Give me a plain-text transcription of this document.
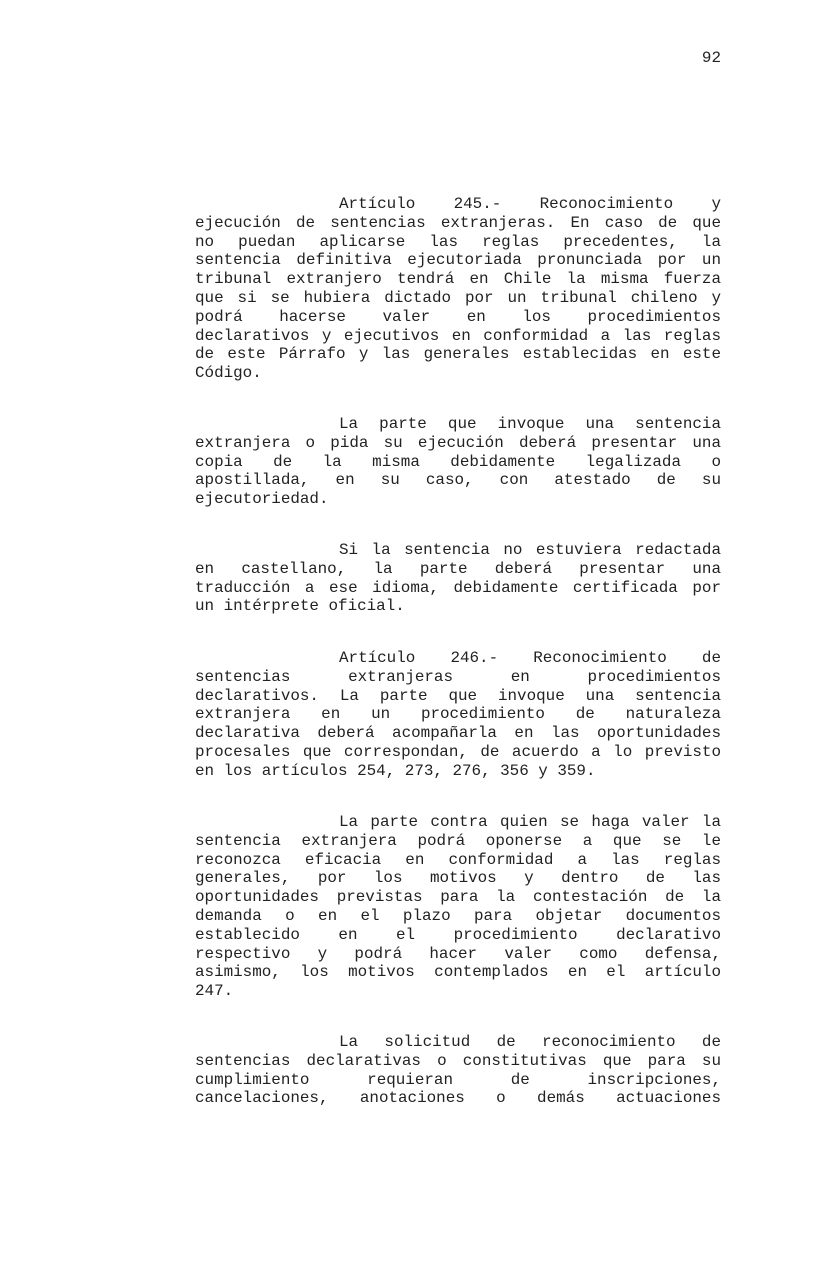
92
Artículo 245.- Reconocimiento y
ejecución de sentencias extranjeras. En caso de que
no puedan aplicarse las reglas precedentes, la
sentencia definitiva ejecutoriada pronunciada por un
tribunal extranjero tendrá en Chile la misma fuerza
que si se hubiera dictado por un tribunal chileno y
podrá hacerse valer en los procedimientos
declarativos y ejecutivos en conformidad a las reglas
de este Párrafo y las generales establecidas en este
Código.
La parte que invoque una sentencia
extranjera o pida su ejecución deberá presentar una
copia de la misma debidamente legalizada o
apostillada, en su caso, con atestado de su
ejecutoriedad.
Si la sentencia no estuviera redactada
en castellano, la parte deberá presentar una
traducción a ese idioma, debidamente certificada por
un intérprete oficial.
Artículo 246.- Reconocimiento de
sentencias extranjeras en procedimientos
declarativos. La parte que invoque una sentencia
extranjera en un procedimiento de naturaleza
declarativa deberá acompañarla en las oportunidades
procesales que correspondan, de acuerdo a lo previsto
en los artículos 254, 273, 276, 356 y 359.
La parte contra quien se haga valer la
sentencia extranjera podrá oponerse a que se le
reconozca eficacia en conformidad a las reglas
generales, por los motivos y dentro de las
oportunidades previstas para la contestación de la
demanda o en el plazo para objetar documentos
establecido en el procedimiento declarativo
respectivo y podrá hacer valer como defensa,
asimismo, los motivos contemplados en el artículo
247.
La solicitud de reconocimiento de
sentencias declarativas o constitutivas que para su
cumplimiento requieran de inscripciones,
cancelaciones, anotaciones o demás actuaciones
